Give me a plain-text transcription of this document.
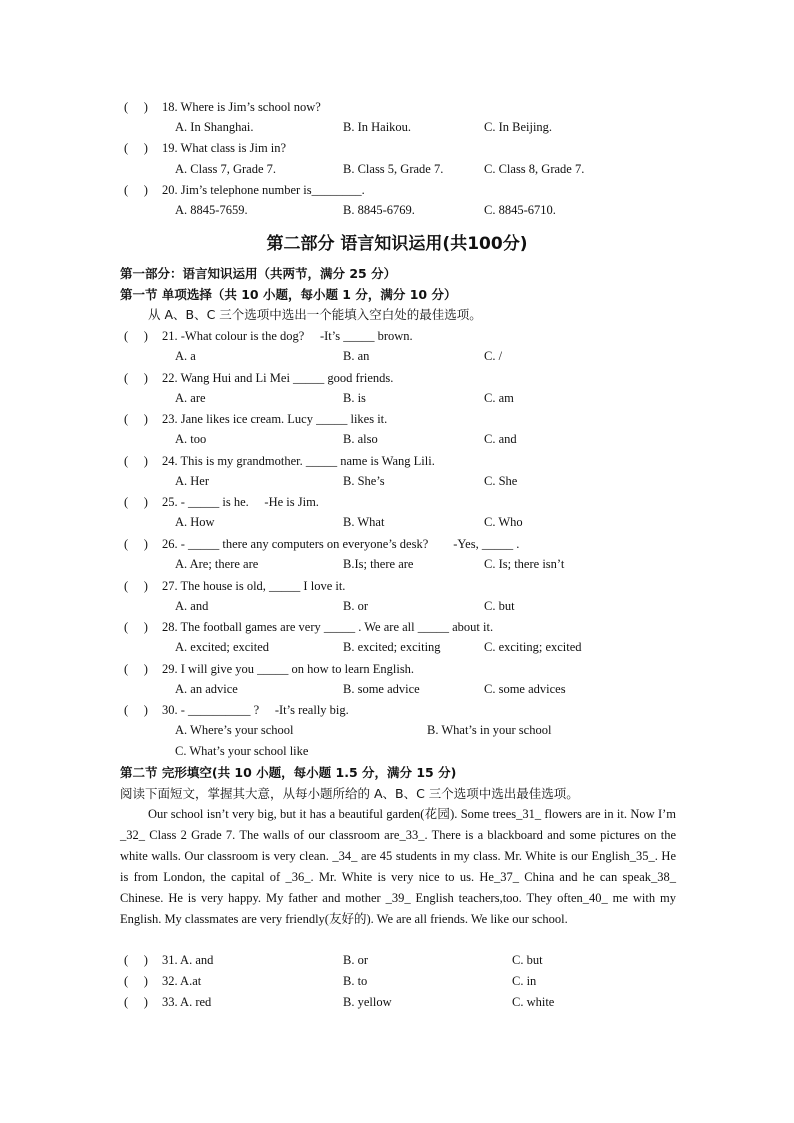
(　 ) 18. Where is Jim’s school now?
A. In Shanghai.	B. In Haikou.	C. In Beijing.
(　 ) 19. What class is Jim in?
A. Class 7, Grade 7.	B. Class 5, Grade 7.	C. Class 8, Grade 7.
(　 ) 20. Jim’s telephone number is________.
A. 8845-7659.	B. 8845-6769.	C. 8845-6710.
第二部分 语言知识运用(共100分)
第一部分：语言知识运用（共两节，满分 25 分）
第一节 单项选择（共 10 小题，每小题 1 分，满分 10 分）
从 A、B、C 三个选项中选出一个能填入空白处的最佳选项。
(　 ) 21. -What colour is the dog?　 -It’s _____ brown.
A. a	B. an	C. /
(　 ) 22. Wang Hui and Li Mei _____ good friends.
A. are	B. is	C. am
(　 ) 23. Jane likes ice cream. Lucy _____ likes it.
A. too	B. also	C. and
(　 ) 24. This is my grandmother. _____ name is Wang Lili.
A. Her	B. She’s	C. She
(　 ) 25. - _____ is he.　 -He is Jim.
A. How	B. What	C. Who
(　 ) 26. - _____ there any computers on everyone’s desk?　　-Yes, _____ .
A. Are; there are	B.Is; there are	C. Is; there isn’t
(　 ) 27. The house is old, _____ I love it.
A. and	B. or	C. but
(　 ) 28. The football games are very _____ . We are all _____ about it.
A. excited; excited	B. excited; exciting	C. exciting; excited
(　 ) 29. I will give you _____ on how to learn English.
A. an advice	B. some advice	C. some advices
(　 ) 30. - __________ ?　 -It’s really big.
A. Where’s your school	B. What’s in your school
C. What’s your school like
第二节 完形填空(共 10 小题，每小题 1.5 分，满分 15 分)
阅读下面短文，掌握其大意，从每小题所给的 A、B、C 三个选项中选出最佳选项。
Our school isn’t very big, but it has a beautiful garden(花园). Some trees_31_ flowers are in it. Now I’m _32_ Class 2 Grade 7. The walls of our classroom are_33_. There is a blackboard and some pictures on the white walls. Our classroom is very clean. _34_ are 45 students in my class. Mr. White is our English_35_. He is from London, the capital of _36_. Mr. White is very nice to us. He_37_ China and he can speak_38_ Chinese. He is very happy. My father and mother _39_ English teachers,too. They often_40_ me with my English. My classmates are very friendly(友好的). We are all friends. We like our school.
(　 ) 31. A. and	B. or	C. but
(　 ) 32. A.at	B. to	C. in
(　 ) 33. A. red	B. yellow	C. white
